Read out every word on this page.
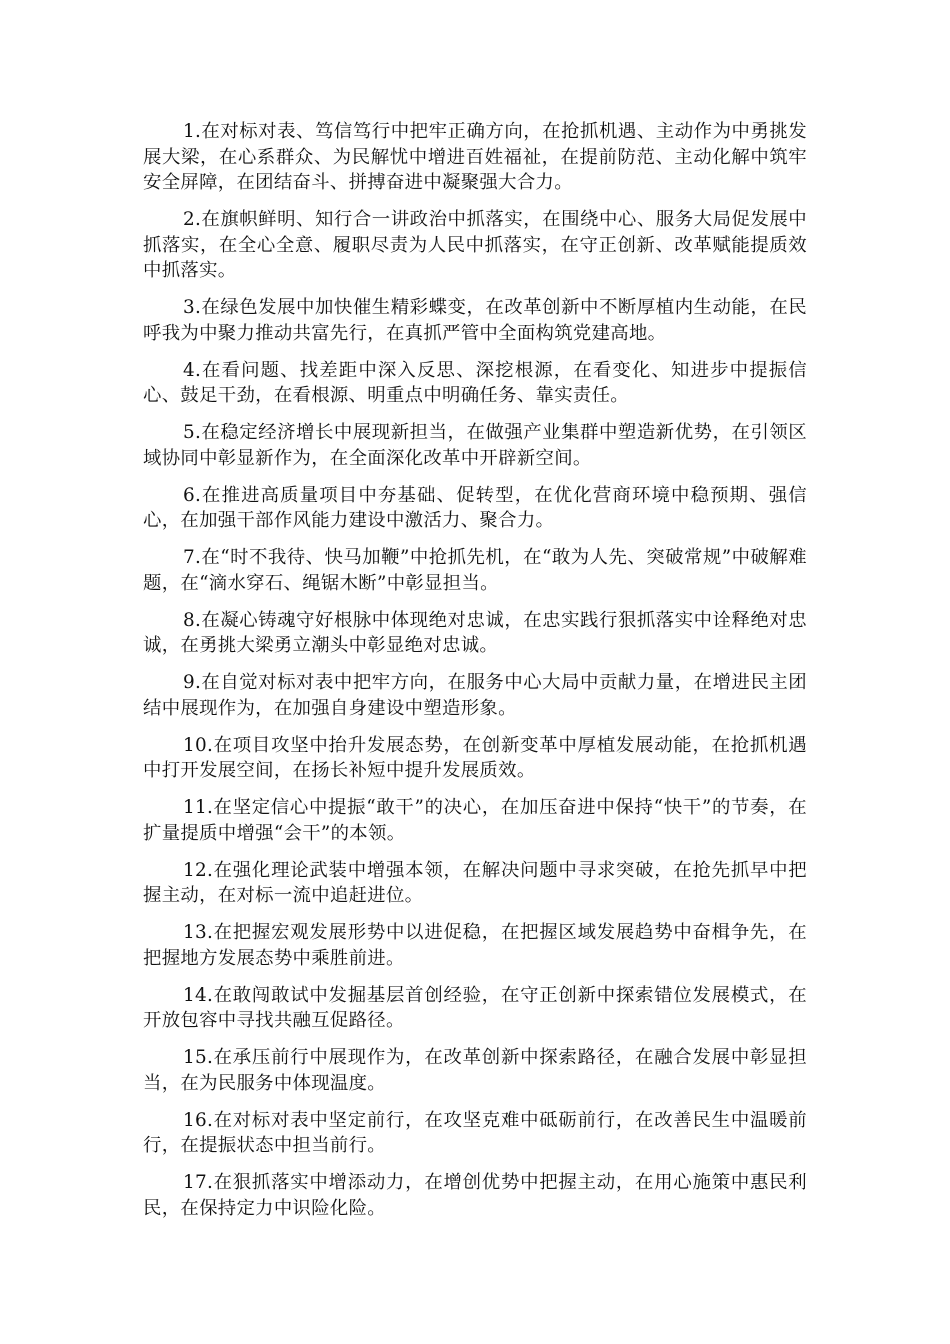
1.在对标对表、笃信笃行中把牢正确方向，在抢抓机遇、主动作为中勇挑发展大梁，在心系群众、为民解忧中增进百姓福祉，在提前防范、主动化解中筑牢安全屏障，在团结奋斗、拼搏奋进中凝聚强大合力。

2.在旗帜鲜明、知行合一讲政治中抓落实，在围绕中心、服务大局促发展中抓落实，在全心全意、履职尽责为人民中抓落实，在守正创新、改革赋能提质效中抓落实。

3.在绿色发展中加快催生精彩蝶变，在改革创新中不断厚植内生动能，在民呼我为中聚力推动共富先行，在真抓严管中全面构筑党建高地。

4.在看问题、找差距中深入反思、深挖根源，在看变化、知进步中提振信心、鼓足干劲，在看根源、明重点中明确任务、靠实责任。

5.在稳定经济增长中展现新担当，在做强产业集群中塑造新优势，在引领区域协同中彰显新作为，在全面深化改革中开辟新空间。

6.在推进高质量项目中夯基础、促转型，在优化营商环境中稳预期、强信心，在加强干部作风能力建设中激活力、聚合力。

7.在“时不我待、快马加鞭”中抢抓先机，在“敢为人先、突破常规”中破解难题，在“滴水穿石、绳锯木断”中彰显担当。

8.在凝心铸魂守好根脉中体现绝对忠诚，在忠实践行狠抓落实中诠释绝对忠诚，在勇挑大梁勇立潮头中彰显绝对忠诚。

9.在自觉对标对表中把牢方向，在服务中心大局中贡献力量，在增进民主团结中展现作为，在加强自身建设中塑造形象。

10.在项目攻坚中抬升发展态势，在创新变革中厚植发展动能，在抢抓机遇中打开发展空间，在扬长补短中提升发展质效。

11.在坚定信心中提振“敢干”的决心，在加压奋进中保持“快干”的节奏，在扩量提质中增强“会干”的本领。

12.在强化理论武装中增强本领，在解决问题中寻求突破，在抢先抓早中把握主动，在对标一流中追赶进位。

13.在把握宏观发展形势中以进促稳，在把握区域发展趋势中奋楫争先，在把握地方发展态势中乘胜前进。

14.在敢闯敢试中发掘基层首创经验，在守正创新中探索错位发展模式，在开放包容中寻找共融互促路径。

15.在承压前行中展现作为，在改革创新中探索路径，在融合发展中彰显担当，在为民服务中体现温度。

16.在对标对表中坚定前行，在攻坚克难中砥砺前行，在改善民生中温暖前行，在提振状态中担当前行。

17.在狠抓落实中增添动力，在增创优势中把握主动，在用心施策中惠民利民，在保持定力中识险化险。
